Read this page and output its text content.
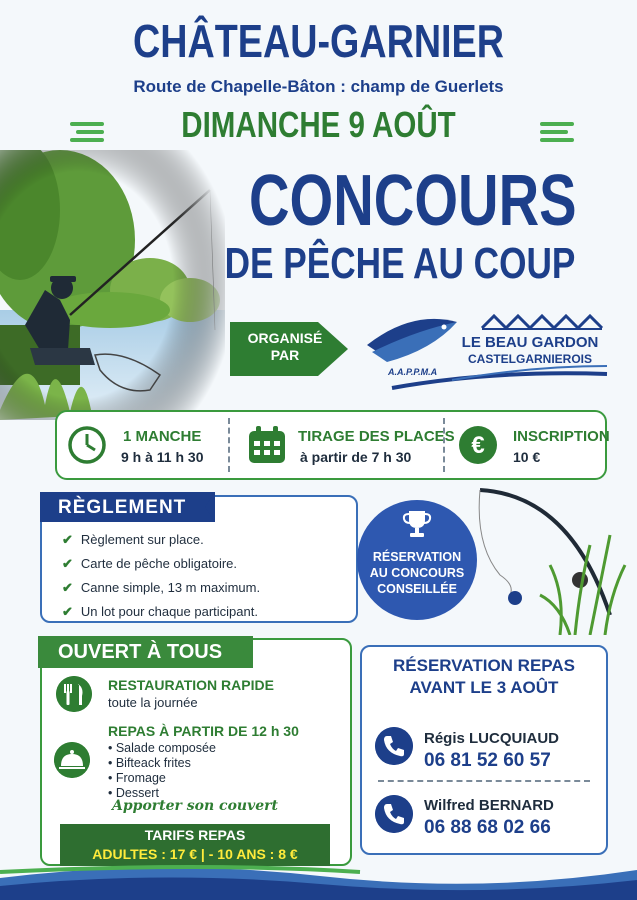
CHÂTEAU-GARNIER
Route de Chapelle-Bâton : champ de Guerlets
DIMANCHE 9 AOÛT
CONCOURS
DE PÊCHE AU COUP
ORGANISÉ
PAR
LE BEAU GARDON
CASTELGARNIEROIS
A.A.P.P.M.A
1 MANCHE
9 h à 11 h 30
TIRAGE DES PLACES
à partir de 7 h 30	€ INSCRIPTION
10 €
RÈGLEMENT
✔ Règlement sur place.
✔ Carte de pêche obligatoire.
✔ Canne simple, 13 m maximum.
✔ Un lot pour chaque participant.
RÉSERVATION
AU CONCOURS
CONSEILLÉE
OUVERT À TOUS
RESTAURATION RAPIDE
toute la journée
REPAS À PARTIR DE 12 h 30
• Salade composée
• Bifteack frites
• Fromage
• Dessert
Apporter son couvert
TARIFS REPAS
ADULTES : 17 € | - 10 ANS : 8 €
RÉSERVATION REPAS
AVANT LE 3 AOÛT
Régis LUCQUIAUD
06 81 52 60 57
Wilfred BERNARD
06 88 68 02 66
